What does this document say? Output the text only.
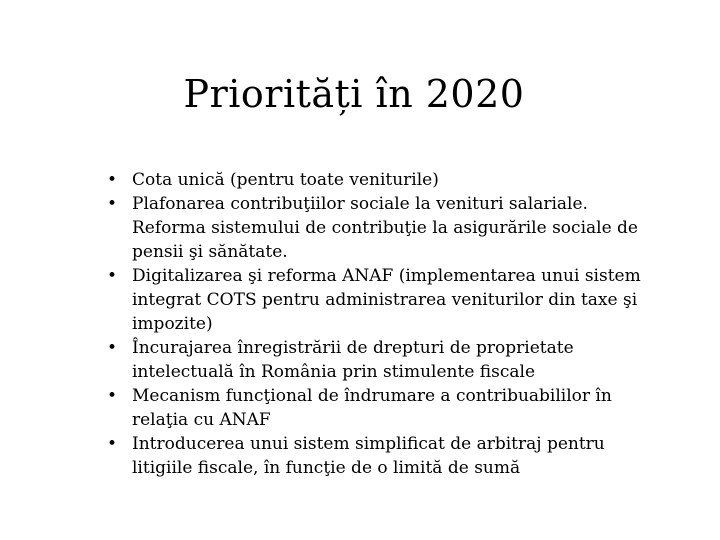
Priorități în 2020
• Cota unică (pentru toate veniturile)
• Plafonarea contribuţiilor sociale la venituri salariale. Reforma sistemului de contribuţie la asigurările sociale de pensii şi sănătate.
• Digitalizarea şi reforma ANAF (implementarea unui sistem integrat COTS pentru administrarea veniturilor din taxe şi impozite)
• Încurajarea înregistrării de drepturi de proprietate intelectuală în România prin stimulente fiscale
• Mecanism funcţional de îndrumare a contribuabililor în relaţia cu ANAF
• Introducerea unui sistem simplificat de arbitraj pentru litigiile fiscale, în funcţie de o limită de sumă
